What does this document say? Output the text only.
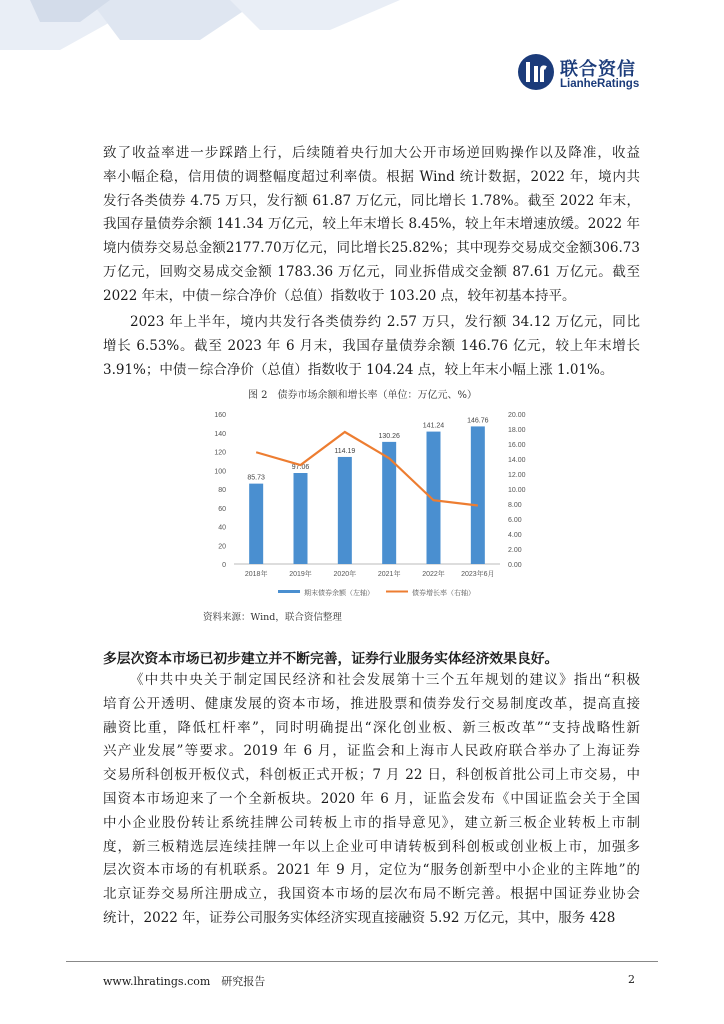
联合资信
LianheRatings
致了收益率进一步踩踏上行，后续随着央行加大公开市场逆回购操作以及降准，收益
率小幅企稳，信用债的调整幅度超过利率债。根据 Wind 统计数据，2022 年，境内共
发行各类债券 4.75 万只，发行额 61.87 万亿元，同比增长 1.78%。截至 2022 年末，
我国存量债券余额 141.34 万亿元，较上年末增长 8.45%，较上年末增速放缓。2022 年
境内债券交易总金额2177.70万亿元，同比增长25.82%；其中现券交易成交金额306.73
万亿元，回购交易成交金额 1783.36 万亿元，同业拆借成交金额 87.61 万亿元。截至
2022 年末，中债－综合净价（总值）指数收于 103.20 点，较年初基本持平。
2023 年上半年，境内共发行各类债券约 2.57 万只，发行额 34.12 万亿元，同比
增长 6.53%。截至 2023 年 6 月末，我国存量债券余额 146.76 亿元，较上年末增长
3.91%；中债－综合净价（总值）指数收于 104.24 点，较上年末小幅上涨 1.01%。
图 2　债券市场余额和增长率（单位：万亿元、%）
0
20
40
60
80
100
120
140
160
0.00
2.00
4.00
6.00
8.00
10.00
12.00
14.00
16.00
18.00
20.00
85.73
2018年
97.06
2019年
114.19
2020年
130.26
2021年
141.24
2022年
146.76
2023年6月
期末债券余额（左轴）	债券增长率（右轴）
资料来源：Wind，联合资信整理
多层次资本市场已初步建立并不断完善，证券行业服务实体经济效果良好。
《中共中央关于制定国民经济和社会发展第十三个五年规划的建议》指出“积极
培育公开透明、健康发展的资本市场，推进股票和债券发行交易制度改革，提高直接
融资比重，降低杠杆率”，同时明确提出“深化创业板、新三板改革”“支持战略性新
兴产业发展”等要求。2019 年 6 月，证监会和上海市人民政府联合举办了上海证券
交易所科创板开板仪式，科创板正式开板；7 月 22 日，科创板首批公司上市交易，中
国资本市场迎来了一个全新板块。2020 年 6 月，证监会发布《中国证监会关于全国
中小企业股份转让系统挂牌公司转板上市的指导意见》，建立新三板企业转板上市制
度，新三板精选层连续挂牌一年以上企业可申请转板到科创板或创业板上市，加强多
层次资本市场的有机联系。2021 年 9 月，定位为“服务创新型中小企业的主阵地”的
北京证券交易所注册成立，我国资本市场的层次布局不断完善。根据中国证券业协会
统计，2022 年，证券公司服务实体经济实现直接融资 5.92 万亿元，其中，服务 428
www.lhratings.com　研究报告	2
